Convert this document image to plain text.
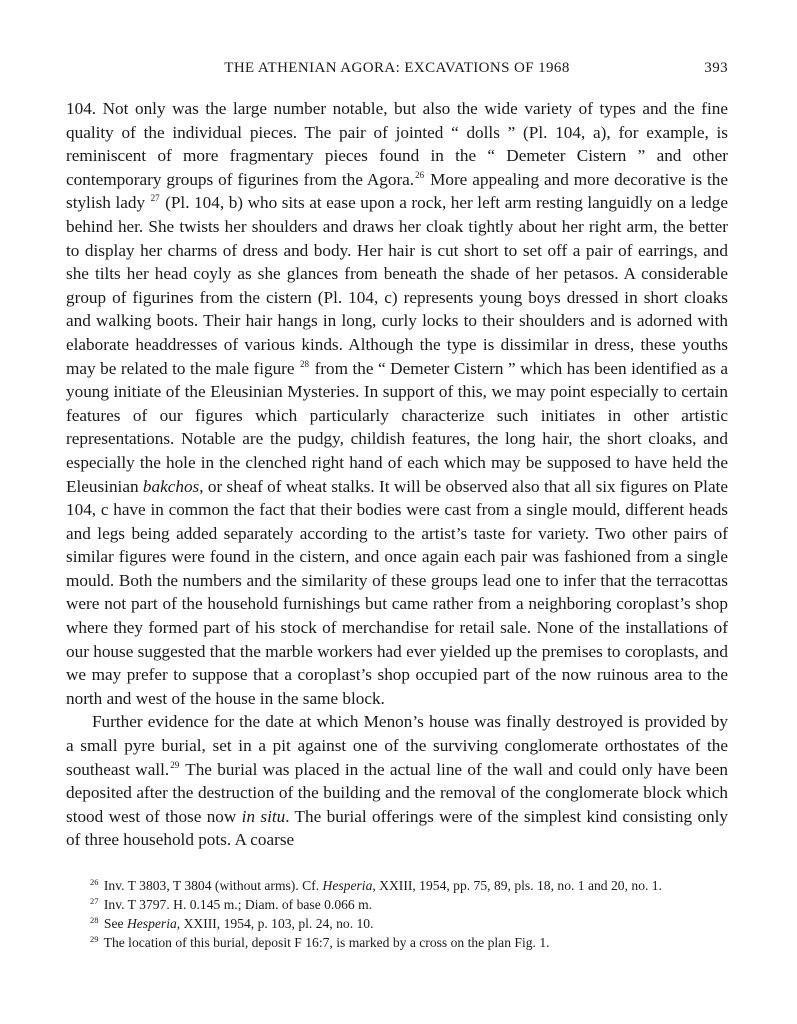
THE ATHENIAN AGORA: EXCAVATIONS OF 1968	393

104. Not only was the large number notable, but also the wide variety of types and the fine quality of the individual pieces. The pair of jointed “ dolls ” (Pl. 104, a), for example, is reminiscent of more fragmentary pieces found in the “ Demeter Cistern ” and other contemporary groups of figurines from the Agora.$^{26}$ More appealing and more decorative is the stylish lady $^{27}$ (Pl. 104, b) who sits at ease upon a rock, her left arm resting languidly on a ledge behind her. She twists her shoulders and draws her cloak tightly about her right arm, the better to display her charms of dress and body. Her hair is cut short to set off a pair of earrings, and she tilts her head coyly as she glances from beneath the shade of her petasos. A considerable group of figurines from the cistern (Pl. 104, c) represents young boys dressed in short cloaks and walking boots. Their hair hangs in long, curly locks to their shoulders and is adorned with elaborate headdresses of various kinds. Although the type is dissimilar in dress, these youths may be related to the male figure $^{28}$ from the “ Demeter Cistern ” which has been identified as a young initiate of the Eleusinian Mysteries. In support of this, we may point especially to certain features of our figures which particularly characterize such initiates in other artistic representations. Notable are the pudgy, childish features, the long hair, the short cloaks, and especially the hole in the clenched right hand of each which may be supposed to have held the Eleusinian bakchos, or sheaf of wheat stalks. It will be observed also that all six figures on Plate 104, c have in common the fact that their bodies were cast from a single mould, different heads and legs being added separately according to the artist’s taste for variety. Two other pairs of similar figures were found in the cistern, and once again each pair was fashioned from a single mould. Both the numbers and the similarity of these groups lead one to infer that the terracottas were not part of the household furnishings but came rather from a neighboring coroplast’s shop where they formed part of his stock of merchandise for retail sale. None of the installations of our house suggested that the marble workers had ever yielded up the premises to coroplasts, and we may prefer to suppose that a coroplast’s shop occupied part of the now ruinous area to the north and west of the house in the same block.

Further evidence for the date at which Menon’s house was finally destroyed is provided by a small pyre burial, set in a pit against one of the surviving conglomerate orthostates of the southeast wall.$^{29}$ The burial was placed in the actual line of the wall and could only have been deposited after the destruction of the building and the removal of the conglomerate block which stood west of those now in situ. The burial offerings were of the simplest kind consisting only of three household pots. A coarse

$^{26}$ Inv. T 3803, T 3804 (without arms). Cf. Hesperia, XXIII, 1954, pp. 75, 89, pls. 18, no. 1 and 20, no. 1.
$^{27}$ Inv. T 3797. H. 0.145 m.; Diam. of base 0.066 m.
$^{28}$ See Hesperia, XXIII, 1954, p. 103, pl. 24, no. 10.
$^{29}$ The location of this burial, deposit F 16:7, is marked by a cross on the plan Fig. 1.
